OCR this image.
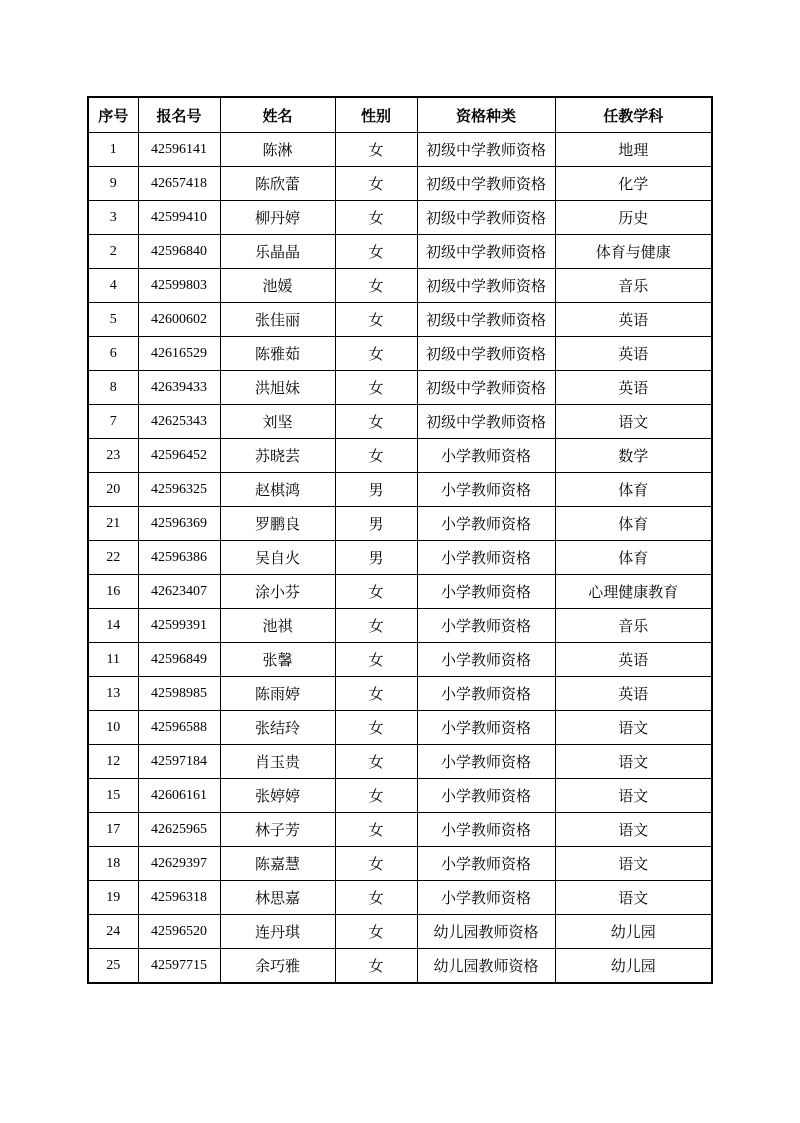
序号	报名号	姓名	性别	资格种类	任教学科
1	42596141	陈淋	女	初级中学教师资格	地理
9	42657418	陈欣蕾	女	初级中学教师资格	化学
3	42599410	柳丹婷	女	初级中学教师资格	历史
2	42596840	乐晶晶	女	初级中学教师资格	体育与健康
4	42599803	池媛	女	初级中学教师资格	音乐
5	42600602	张佳丽	女	初级中学教师资格	英语
6	42616529	陈雅茹	女	初级中学教师资格	英语
8	42639433	洪旭妹	女	初级中学教师资格	英语
7	42625343	刘坚	女	初级中学教师资格	语文
23	42596452	苏晓芸	女	小学教师资格	数学
20	42596325	赵棋鸿	男	小学教师资格	体育
21	42596369	罗鹏良	男	小学教师资格	体育
22	42596386	吴自火	男	小学教师资格	体育
16	42623407	涂小芬	女	小学教师资格	心理健康教育
14	42599391	池祺	女	小学教师资格	音乐
11	42596849	张馨	女	小学教师资格	英语
13	42598985	陈雨婷	女	小学教师资格	英语
10	42596588	张结玲	女	小学教师资格	语文
12	42597184	肖玉贵	女	小学教师资格	语文
15	42606161	张婷婷	女	小学教师资格	语文
17	42625965	林子芳	女	小学教师资格	语文
18	42629397	陈嘉慧	女	小学教师资格	语文
19	42596318	林思嘉	女	小学教师资格	语文
24	42596520	连丹琪	女	幼儿园教师资格	幼儿园
25	42597715	余巧雅	女	幼儿园教师资格	幼儿园
